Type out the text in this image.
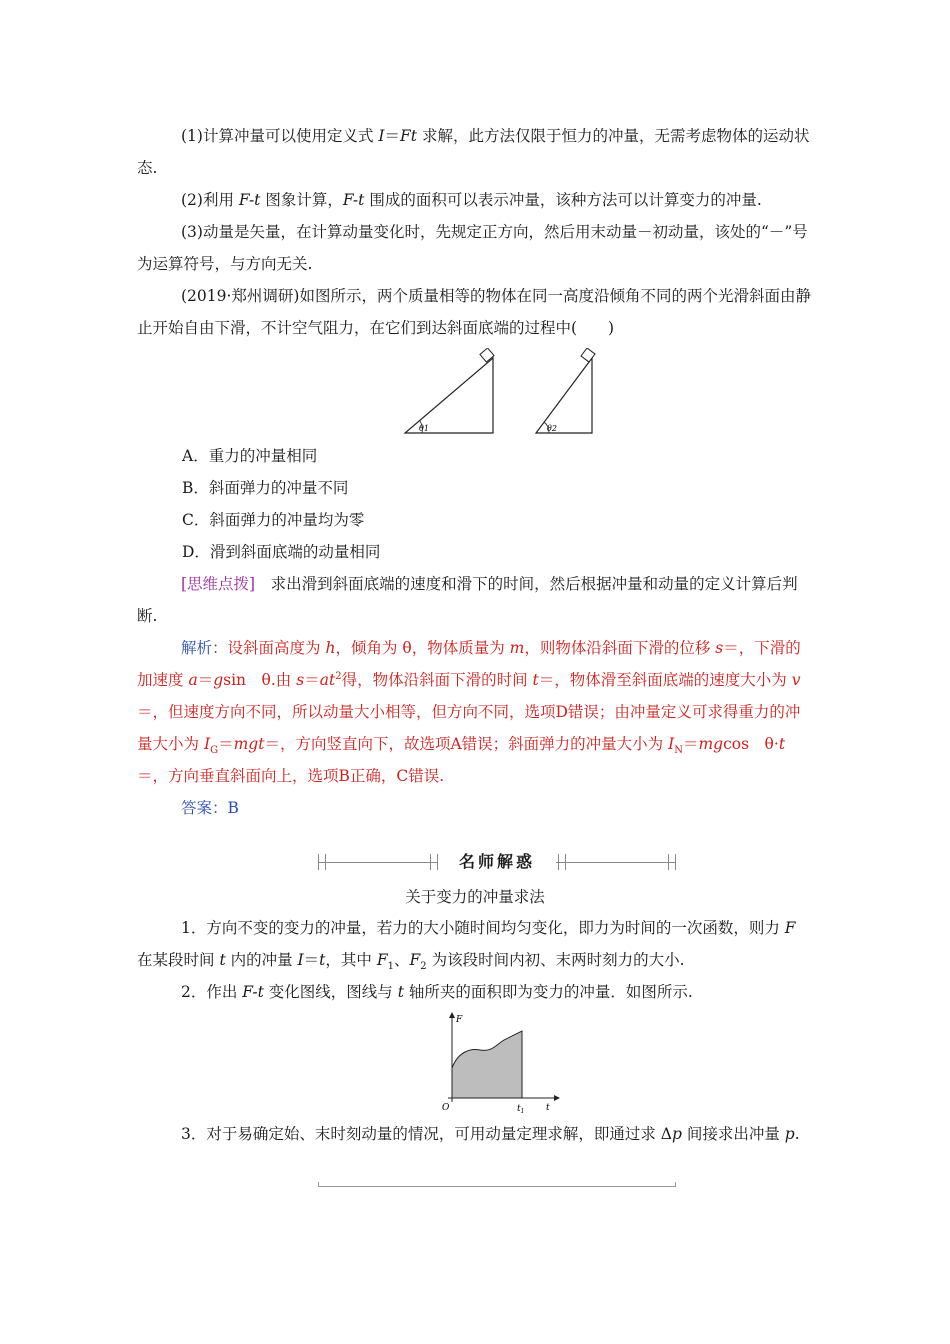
(1)计算冲量可以使用定义式 I＝Ft 求解，此方法仅限于恒力的冲量，无需考虑物体的运动状态.

(2)利用 F-t 图象计算，F-t 围成的面积可以表示冲量，该种方法可以计算变力的冲量.

(3)动量是矢量，在计算动量变化时，先规定正方向，然后用末动量－初动量，该处的“－”号为运算符号，与方向无关.

(2019·郑州调研)如图所示，两个质量相等的物体在同一高度沿倾角不同的两个光滑斜面由静止开始自由下滑，不计空气阻力，在它们到达斜面底端的过程中(　　)

θ1	θ2

A．重力的冲量相同

B．斜面弹力的冲量不同

C．斜面弹力的冲量均为零

D．滑到斜面底端的动量相同

[思维点拨]　求出滑到斜面底端的速度和滑下的时间，然后根据冲量和动量的定义计算后判断.

解析：设斜面高度为 h，倾角为 θ，物体质量为 m，则物体沿斜面下滑的位移 s＝，下滑的加速度 a＝gsin　θ.由 $s=at^2$得，物体沿斜面下滑的时间 t＝，物体滑至斜面底端的速度大小为 v＝，但速度方向不同，所以动量大小相等，但方向不同，选项D错误；由冲量定义可求得重力的冲量大小为 $I_G=mgt=$，方向竖直向下，故选项A错误；斜面弹力的冲量大小为 $I_N=mgcos$　θ·t＝，方向垂直斜面向上，选项B正确，C错误.

答案：B

名师解惑
关于变力的冲量求法

1．方向不变的变力的冲量，若力的大小随时间均匀变化，即力为时间的一次函数，则力 F 在某段时间 t 内的冲量 I＝t，其中 $F_1$、$F_2$ 为该段时间内初、末两时刻力的大小.

2．作出 F-t 变化图线，图线与 t 轴所夹的面积即为变力的冲量．如图所示.

F
O	$t_1$ t

3．对于易确定始、末时刻动量的情况，可用动量定理求解，即通过求 Δp 间接求出冲量 p.
